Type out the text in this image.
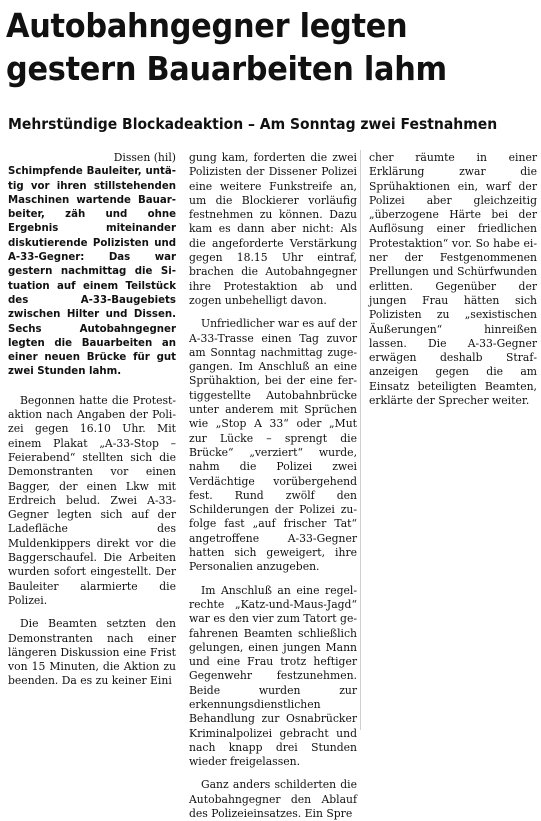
Autobahngegner legten
gestern Bauarbeiten lahm
Mehrstündige Blockadeaktion – Am Sonntag zwei Festnahmen
Dissen (hil)
Schimpfende Bauleiter, untätig vor ihren stillstehenden Maschinen wartende Bauarbeiter, zäh und ohne Ergebnis miteinander diskutierende Polizisten und A-33-Gegner: Das war gestern nachmittag die Situation auf einem Teilstück des A-33-Baugebiets zwischen Hilter und Dissen. Sechs Autobahngegner legten die Bauarbeiten an einer neuen Brücke für gut zwei Stunden lahm.

Begonnen hatte die Protestaktion nach Angaben der Polizei gegen 16.10 Uhr. Mit einem Plakat „A-33-Stop – Feierabend“ stellten sich die Demonstranten vor einen Bagger, der einen Lkw mit Erdreich belud. Zwei A-33-Gegner legten sich auf der Ladefläche des Muldenkippers direkt vor die Baggerschaufel. Die Arbeiten wurden sofort eingestellt. Der Bauleiter alarmierte die Polizei.

Die Beamten setzten den Demonstranten nach einer längeren Diskussion eine Frist von 15 Minuten, die Aktion zu beenden. Da es zu keiner Eini

gung kam, forderten die zwei Polizisten der Dissener Polizei eine weitere Funkstreife an, um die Blockierer vorläufig festnehmen zu können. Dazu kam es dann aber nicht: Als die angeforderte Verstärkung gegen 18.15 Uhr eintraf, brachen die Autobahngegner ihre Protestaktion ab und zogen unbehelligt davon.

Unfriedlicher war es auf der A-33-Trasse einen Tag zuvor am Sonntag nachmittag zugegangen. Im Anschluß an eine Sprühaktion, bei der eine fertiggestellte Autobahnbrücke unter anderem mit Sprüchen wie „Stop A 33“ oder „Mut zur Lücke – sprengt die Brücke“ „verziert“ wurde, nahm die Polizei zwei Verdächtige vorübergehend fest. Rund zwölf den Schilderungen der Polizei zufolge fast „auf frischer Tat“ angetroffene A-33-Gegner hatten sich geweigert, ihre Personalien anzugeben.

Im Anschluß an eine regelrechte „Katz-und-Maus-Jagd“ war es den vier zum Tatort gefahrenen Beamten schließlich gelungen, einen jungen Mann und eine Frau trotz heftiger Gegenwehr festzunehmen. Beide wurden zur erkennungsdienstlichen Behandlung zur Osnabrücker Kriminalpolizei gebracht und nach knapp drei Stunden wieder freigelassen.

Ganz anders schilderten die Autobahngegner den Ablauf des Polizeieinsatzes. Ein Spre

cher räumte in einer Erklärung zwar die Sprühaktionen ein, warf der Polizei aber gleichzeitig „überzogene Härte bei der Auflösung einer friedlichen Protestaktion“ vor. So habe einer der Festgenommenen Prellungen und Schürfwunden erlitten. Gegenüber der jungen Frau hätten sich Polizisten zu „sexistischen Äußerungen“ hinreißen lassen. Die A-33-Gegner erwägen deshalb Strafanzeigen gegen die am Einsatz beteiligten Beamten, erklärte der Sprecher weiter.
